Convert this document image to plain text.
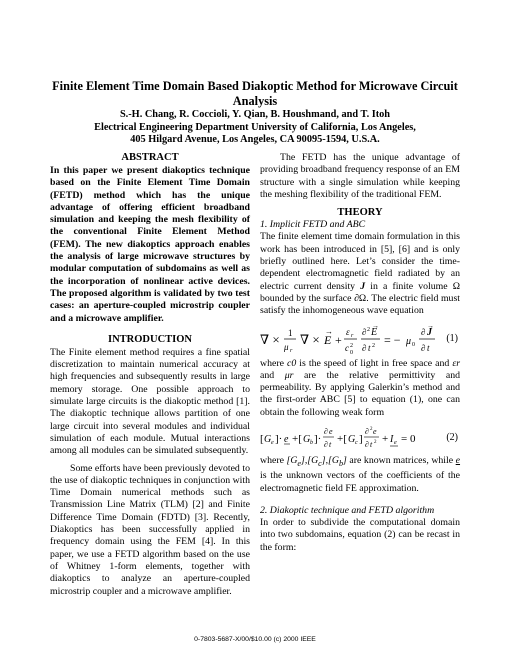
Finite Element Time Domain Based Diakoptic Method for Microwave Circuit Analysis
S.-H. Chang, R. Coccioli, Y. Qian, B. Houshmand, and T. Itoh
Electrical Engineering Department University of California, Los Angeles,
405 Hilgard Avenue, Los Angeles, CA 90095-1594, U.S.A.
ABSTRACT
In this paper we present diakoptics technique based on the Finite Element Time Domain (FETD) method which has the unique advantage of offering efficient broadband simulation and keeping the mesh flexibility of the conventional Finite Element Method (FEM). The new diakoptics approach enables the analysis of large microwave structures by modular computation of subdomains as well as the incorporation of nonlinear active devices. The proposed algorithm is validated by two test cases: an aperture-coupled microstrip coupler and a microwave amplifier.
INTRODUCTION
The Finite element method requires a fine spatial discretization to maintain numerical accuracy at high frequencies and subsequently results in large memory storage. One possible approach to simulate large circuits is the diakoptic method [1]. The diakoptic technique allows partition of one large circuit into several modules and individual simulation of each module. Mutual interactions among all modules can be simulated subsequently.
Some efforts have been previously devoted to the use of diakoptic techniques in conjunction with Time Domain numerical methods such as Transmission Line Matrix (TLM) [2] and Finite Difference Time Domain (FDTD) [3]. Recently, Diakoptics has been successfully applied in frequency domain using the FEM [4]. In this paper, we use a FETD algorithm based on the use of Whitney 1-form elements, together with diakoptics to analyze an aperture-coupled microstrip coupler and a microwave amplifier.
The FETD has the unique advantage of providing broadband frequency response of an EM structure with a single simulation while keeping the meshing flexibility of the traditional FEM.
THEORY
1. Implicit FETD and ABC
The finite element time domain formulation in this work has been introduced in [5], [6] and is only briefly outlined here. Let’s consider the time-dependent electromagnetic field radiated by an electric current density J in a finite volume Ω bounded by the surface ∂Ω. The electric field must satisfy the inhomogeneous wave equation
∇ × 1
μ r
∇ × E
→
+
ε r
c 2
0
∂ 2 E
→
∂ t 2 = − μ 0
∂ J
→
∂ t
(1)
where c0 is the speed of light in free space and εr and μr are the relative permittivity and permeability. By applying Galerkin’s method and the first-order ABC [5] to equation (1), one can obtain the following weak form
[ G e ]· e +[ G b ]·
∂ e
∂ t +[ G c ]
∂ 2 e
∂ t 2 + I e = 0	(2)
where $[G_e],[G_c],[G_b]$ are known matrices, while e is the unknown vectors of the coefficients of the electromagnetic field FE approximation.
2. Diakoptic technique and FETD algorithm
In order to subdivide the computational domain into two subdomains, equation (2) can be recast in the form:
0-7803-5687-X/00/$10.00 (c) 2000 IEEE
